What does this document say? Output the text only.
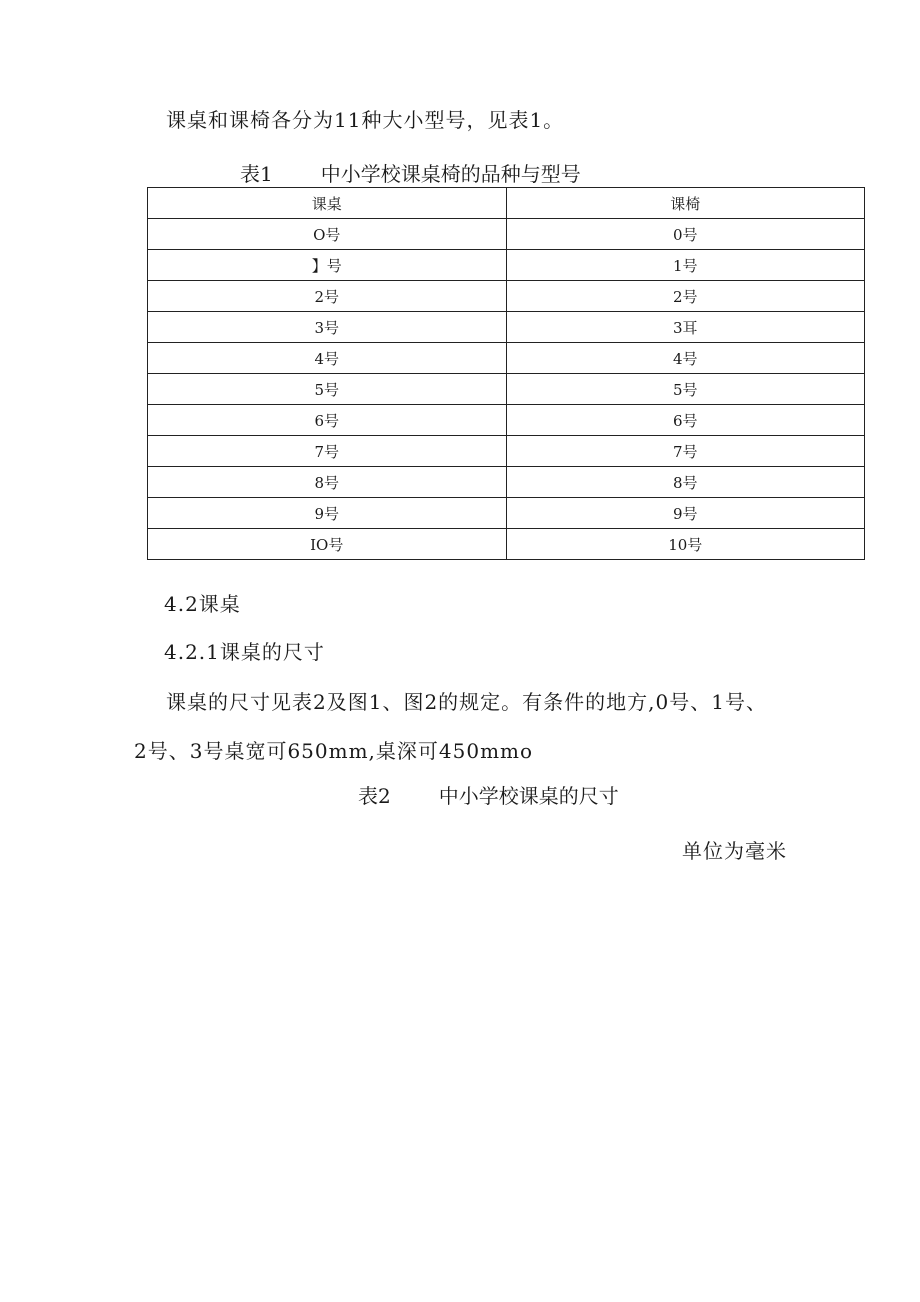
课桌和课椅各分为11种大小型号，见表1。
表1 中小学校课桌椅的品种与型号
课桌	课椅
O号	0号
】号	1号
2号	2号
3号	3耳
4号	4号
5号	5号
6号	6号
7号	7号
8号	8号
9号	9号
IO号	10号
4.2课桌
4.2.1课桌的尺寸
课桌的尺寸见表2及图1、图2的规定。有条件的地方,0号、1号、
2号、3号桌宽可650mm,桌深可450mmo
表2 中小学校课桌的尺寸
单位为毫米
